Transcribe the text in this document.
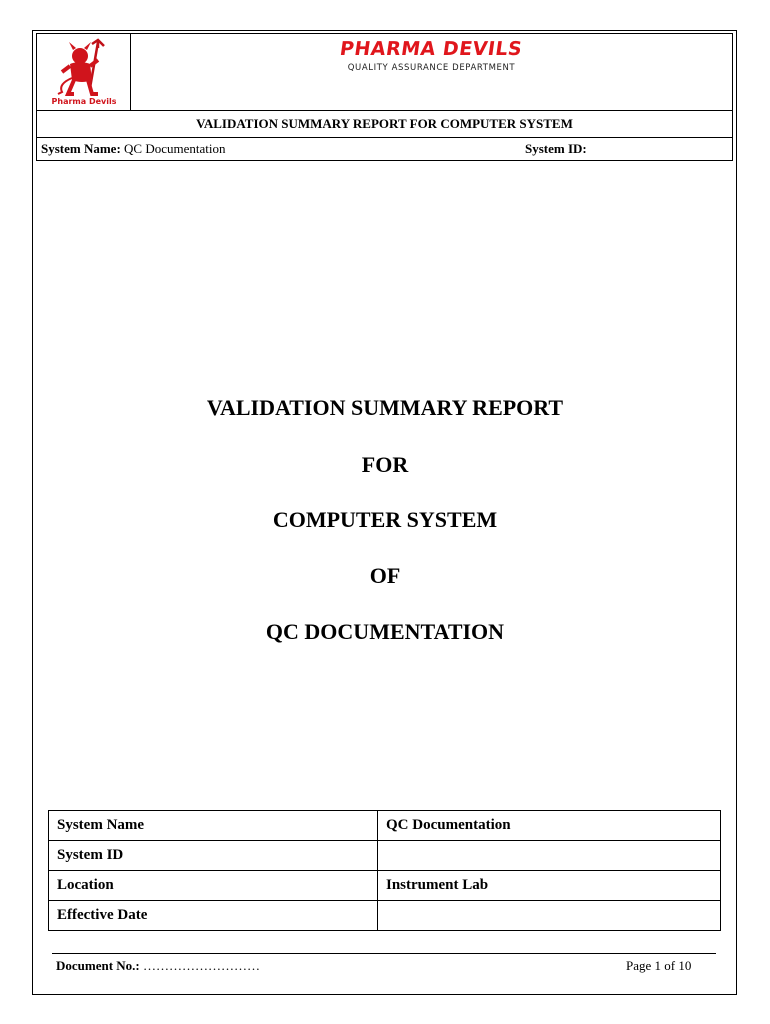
Pharma Devils
PHARMA DEVILS
QUALITY ASSURANCE DEPARTMENT
VALIDATION SUMMARY REPORT FOR COMPUTER SYSTEM
System Name: QC Documentation	System ID:
VALIDATION SUMMARY REPORT
FOR
COMPUTER SYSTEM
OF
QC DOCUMENTATION
System Name	QC Documentation
System ID	
Location	Instrument Lab
Effective Date	
Document No.: ………………………	Page 1 of 10
